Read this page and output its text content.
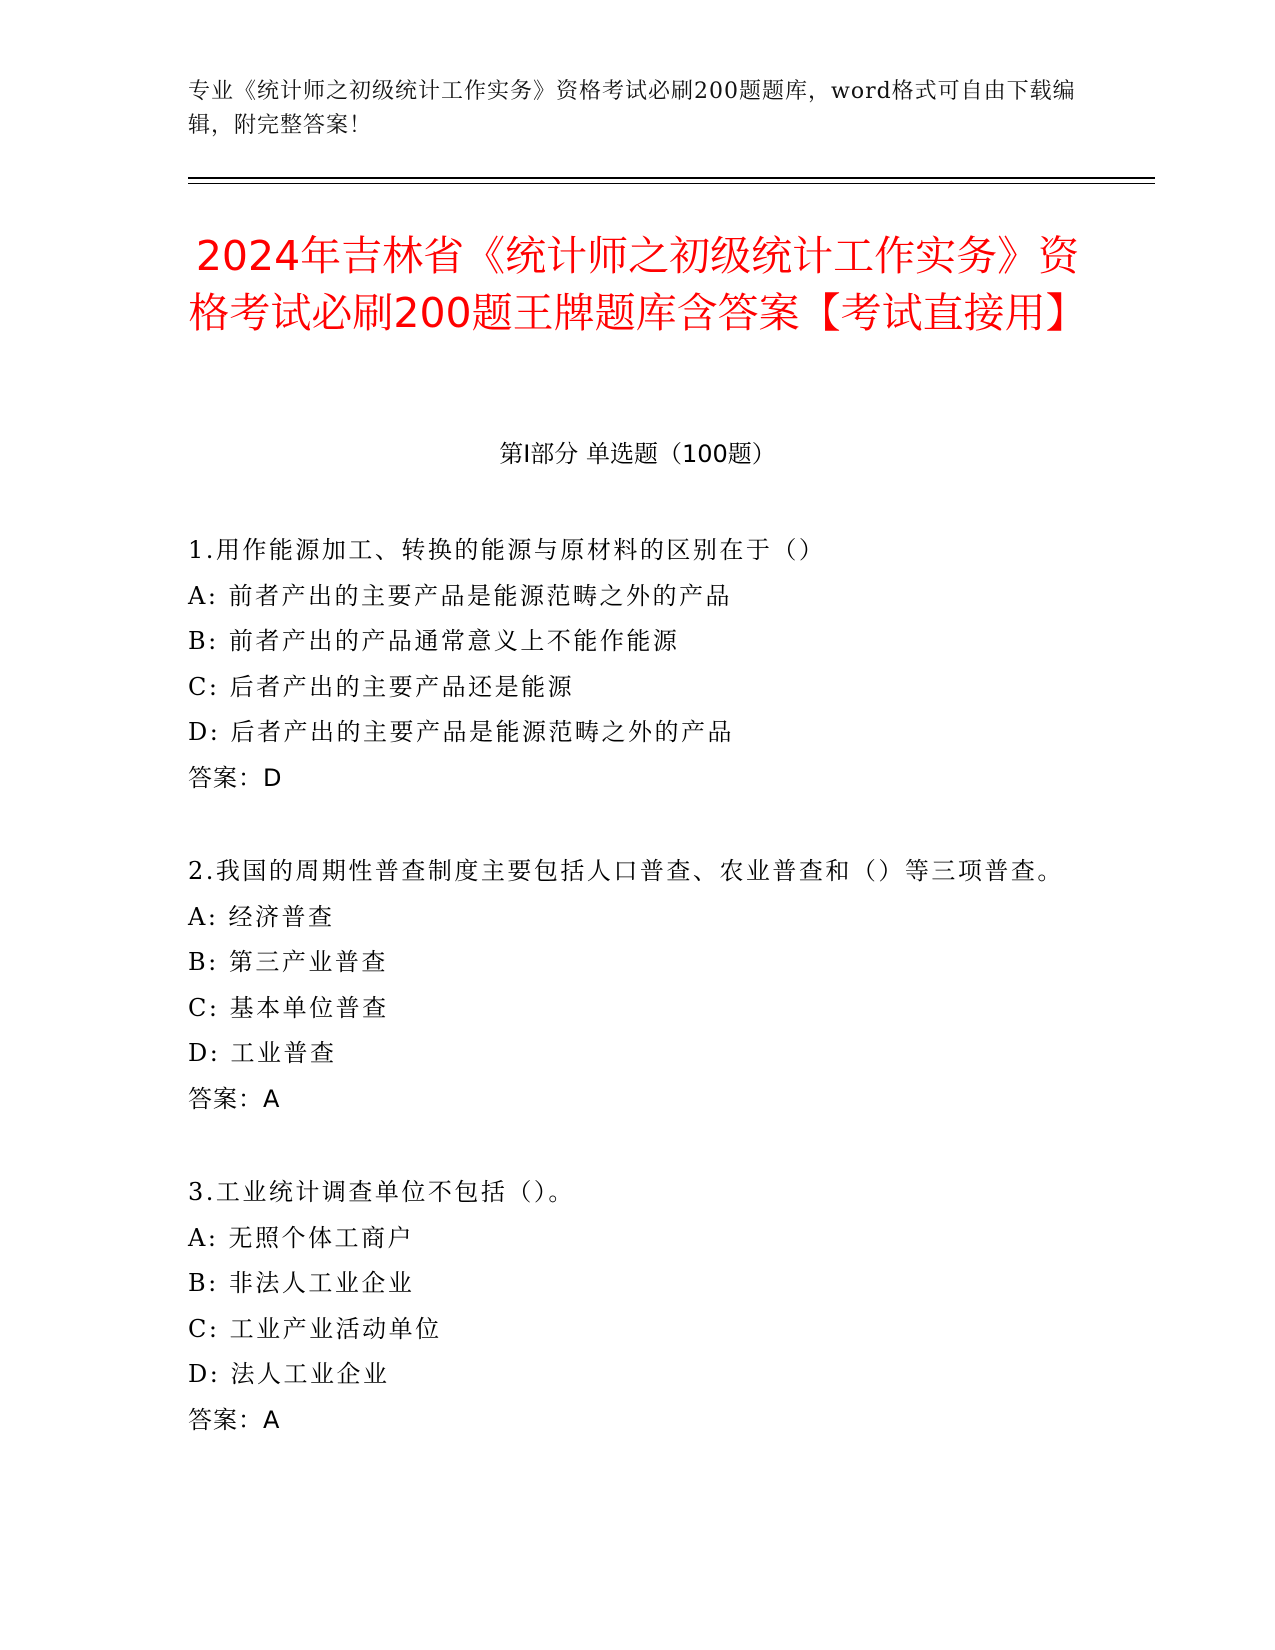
专业《统计师之初级统计工作实务》资格考试必刷200题题库，word格式可自由下载编辑，附完整答案！
2024年吉林省《统计师之初级统计工作实务》资格考试必刷200题王牌题库含答案【考试直接用】
第Ⅰ部分 单选题（100题）
1.用作能源加工、转换的能源与原材料的区别在于（）
A: 前者产出的主要产品是能源范畴之外的产品
B: 前者产出的产品通常意义上不能作能源
C: 后者产出的主要产品还是能源
D: 后者产出的主要产品是能源范畴之外的产品
答案：D
2.我国的周期性普查制度主要包括人口普查、农业普查和（）等三项普查。
A: 经济普查
B: 第三产业普查
C: 基本单位普查
D: 工业普查
答案：A
3.工业统计调查单位不包括（）。
A: 无照个体工商户
B: 非法人工业企业
C: 工业产业活动单位
D: 法人工业企业
答案：A
